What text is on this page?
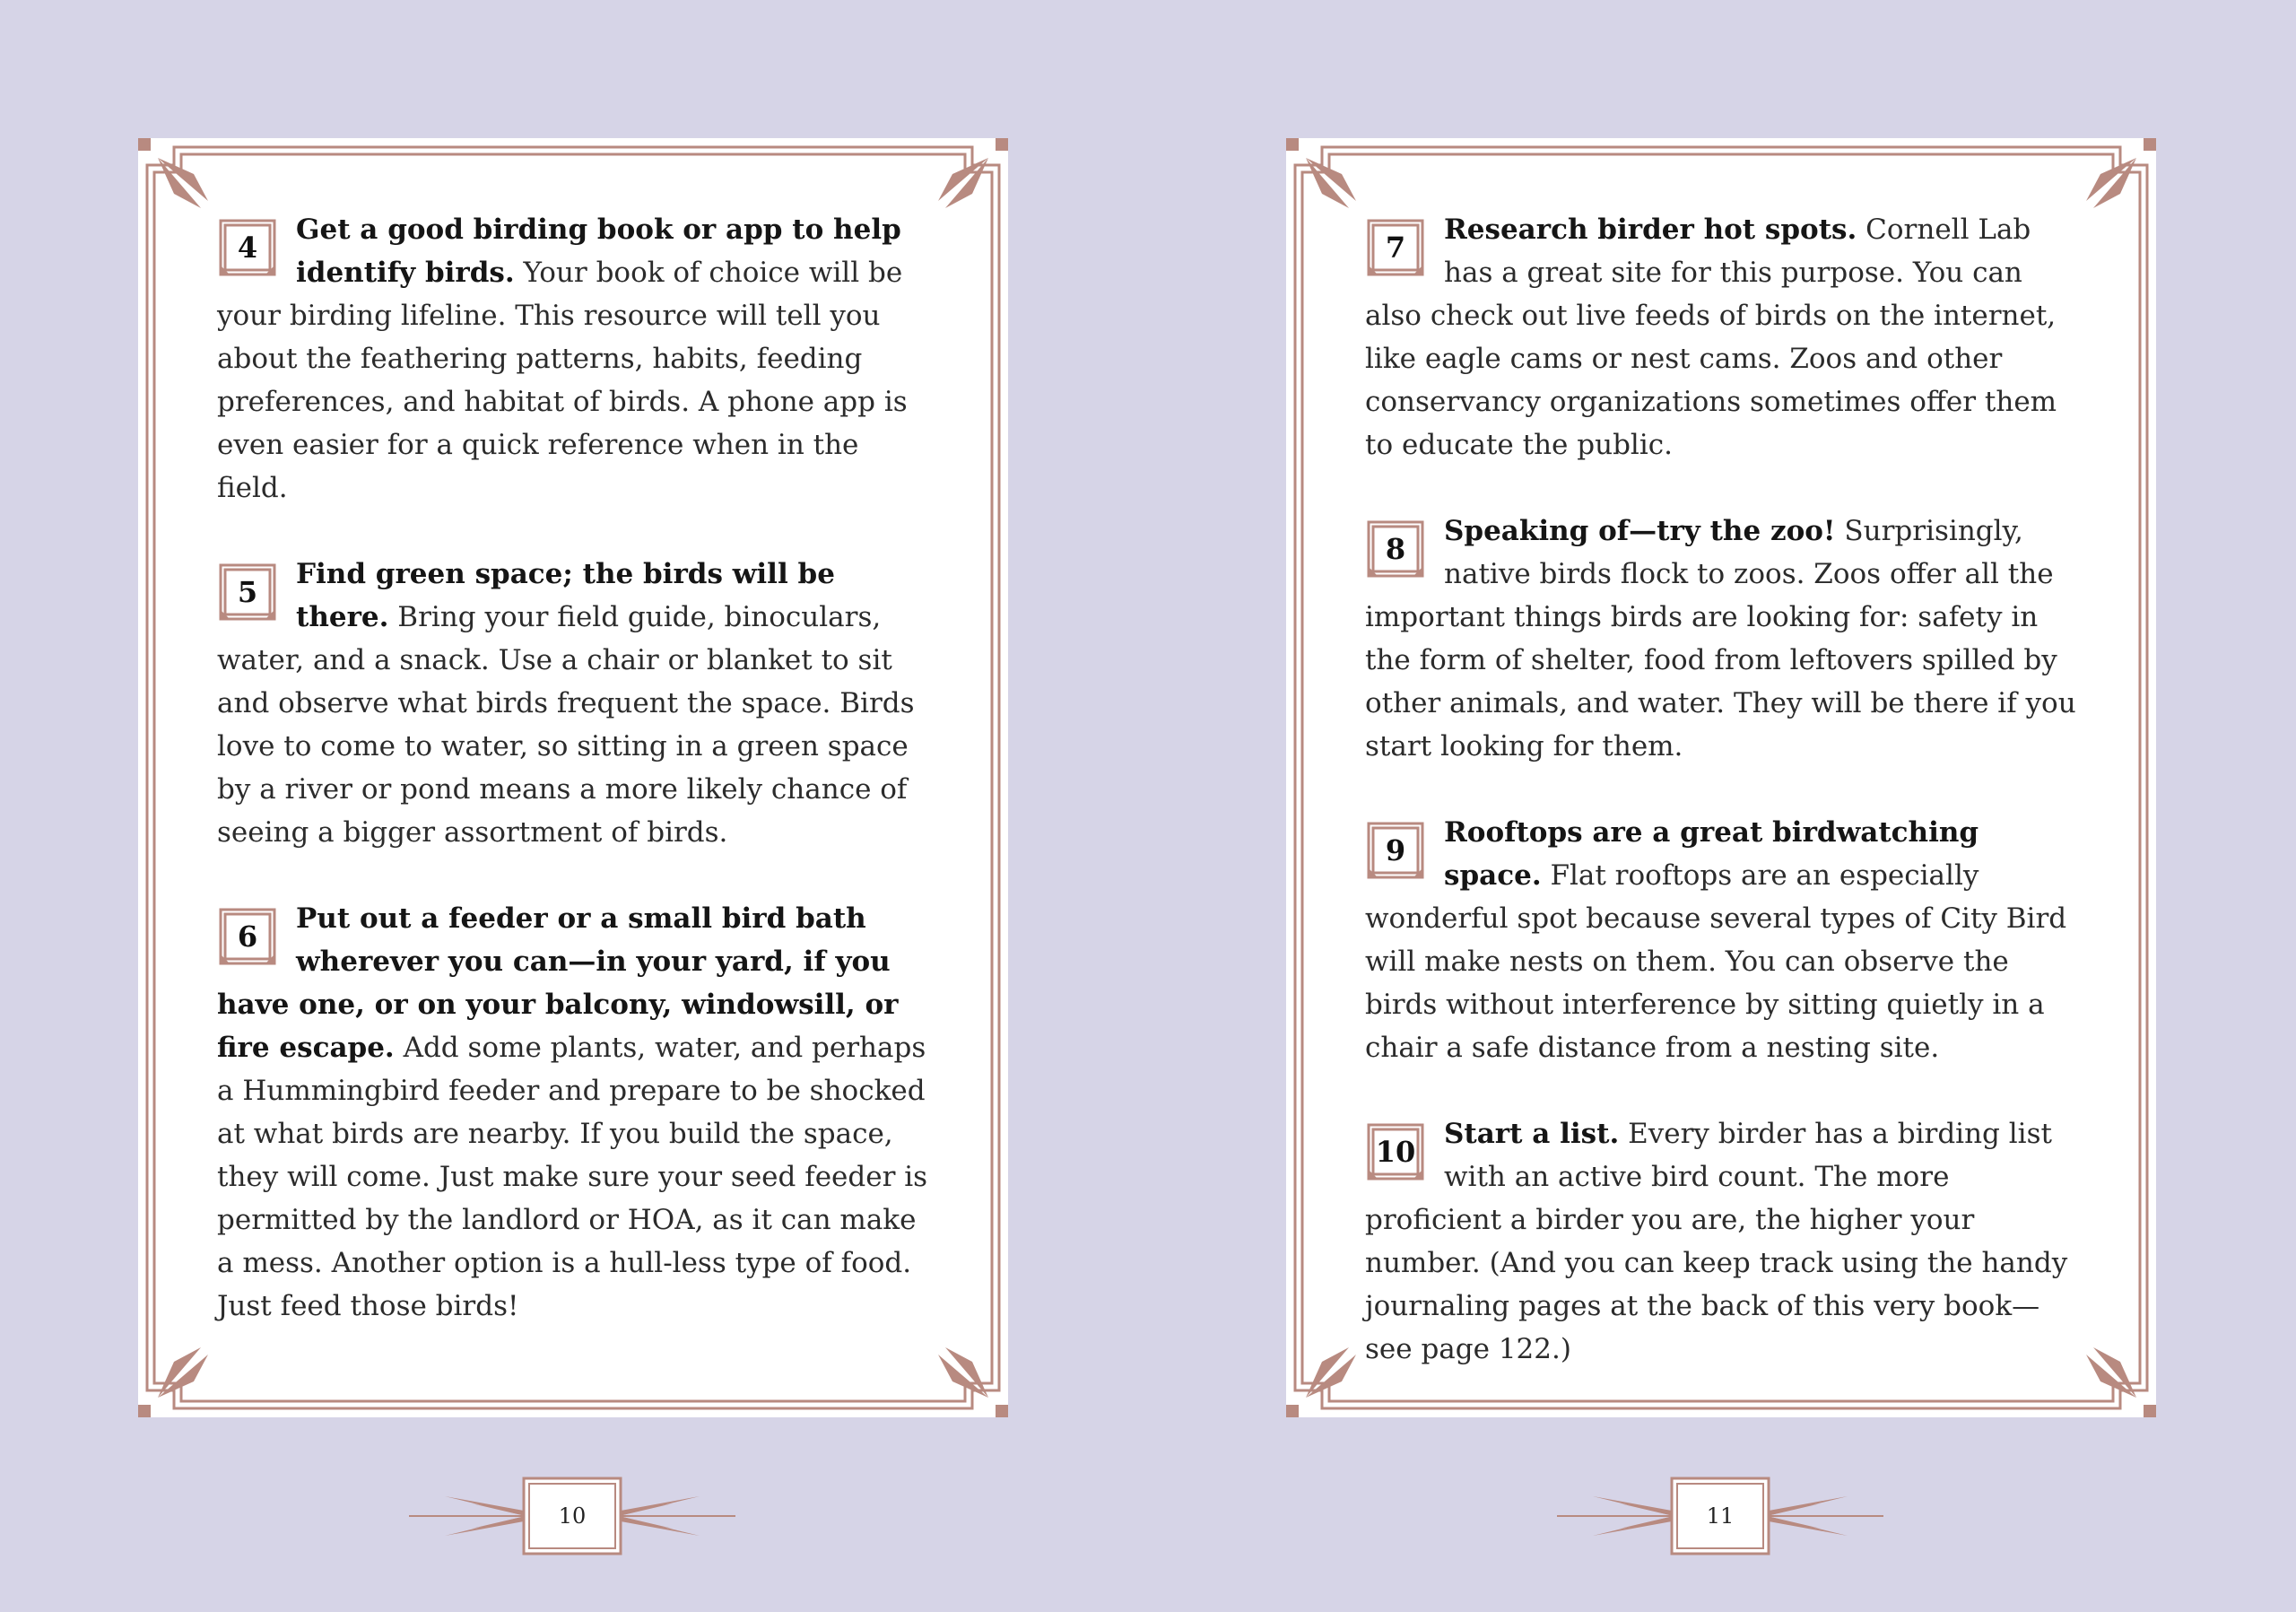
4

Get a good birding book or app to help identify birds. Your book of choice will be your birding lifeline. This resource will tell you about the feathering patterns, habits, feeding preferences, and habitat of birds. A phone app is even easier for a quick reference when in the field.

5

Find green space; the birds will be there. Bring your field guide, binoculars, water, and a snack. Use a chair or blanket to sit and observe what birds frequent the space. Birds love to come to water, so sitting in a green space by a river or pond means a more likely chance of seeing a bigger assortment of birds.

6

Put out a feeder or a small bird bath wherever you can—in your yard, if you have one, or on your balcony, windowsill, or fire escape. Add some plants, water, and perhaps a Hummingbird feeder and prepare to be shocked at what birds are nearby. If you build the space, they will come. Just make sure your seed feeder is permitted by the landlord or HOA, as it can make a mess. Another option is a hull-less type of food. Just feed those birds!

7

Research birder hot spots. Cornell Lab has a great site for this purpose. You can also check out live feeds of birds on the internet, like eagle cams or nest cams. Zoos and other conservancy organizations sometimes offer them to educate the public.

8

Speaking of—try the zoo! Surprisingly, native birds flock to zoos. Zoos offer all the important things birds are looking for: safety in the form of shelter, food from leftovers spilled by other animals, and water. They will be there if you start looking for them.

9

Rooftops are a great birdwatching space. Flat rooftops are an especially wonderful spot because several types of City Bird will make nests on them. You can observe the birds without interference by sitting quietly in a chair a safe distance from a nesting site.

10

Start a list. Every birder has a birding list with an active bird count. The more proficient a birder you are, the higher your number. (And you can keep track using the handy journaling pages at the back of this very book—see page 122.)

10	11
